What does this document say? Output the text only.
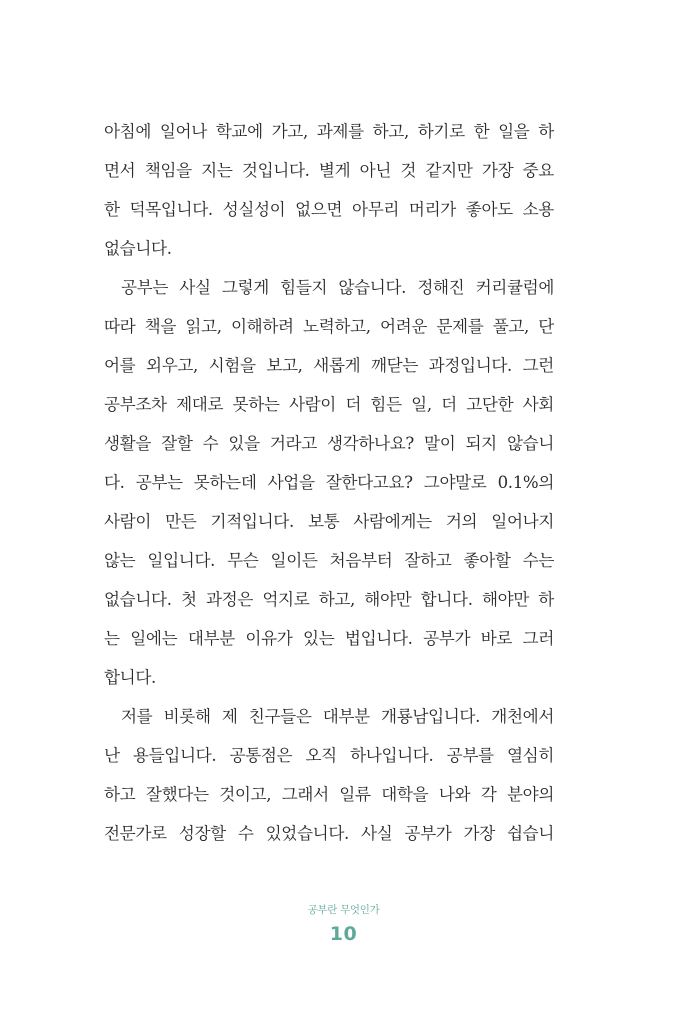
아침에 일어나 학교에 가고, 과제를 하고, 하기로 한 일을 하
면서 책임을 지는 것입니다. 별게 아닌 것 같지만 가장 중요
한 덕목입니다. 성실성이 없으면 아무리 머리가 좋아도 소용
없습니다.
공부는 사실 그렇게 힘들지 않습니다. 정해진 커리큘럼에
따라 책을 읽고, 이해하려 노력하고, 어려운 문제를 풀고, 단
어를 외우고, 시험을 보고, 새롭게 깨닫는 과정입니다. 그런
공부조차 제대로 못하는 사람이 더 힘든 일, 더 고단한 사회
생활을 잘할 수 있을 거라고 생각하나요? 말이 되지 않습니
다. 공부는 못하는데 사업을 잘한다고요? 그야말로 0.1%의
사람이 만든 기적입니다. 보통 사람에게는 거의 일어나지
않는 일입니다. 무슨 일이든 처음부터 잘하고 좋아할 수는
없습니다. 첫 과정은 억지로 하고, 해야만 합니다. 해야만 하
는 일에는 대부분 이유가 있는 법입니다. 공부가 바로 그러
합니다.
저를 비롯해 제 친구들은 대부분 개룡남입니다. 개천에서
난 용들입니다. 공통점은 오직 하나입니다. 공부를 열심히
하고 잘했다는 것이고, 그래서 일류 대학을 나와 각 분야의
전문가로 성장할 수 있었습니다. 사실 공부가 가장 쉽습니
공부란 무엇인가
10
